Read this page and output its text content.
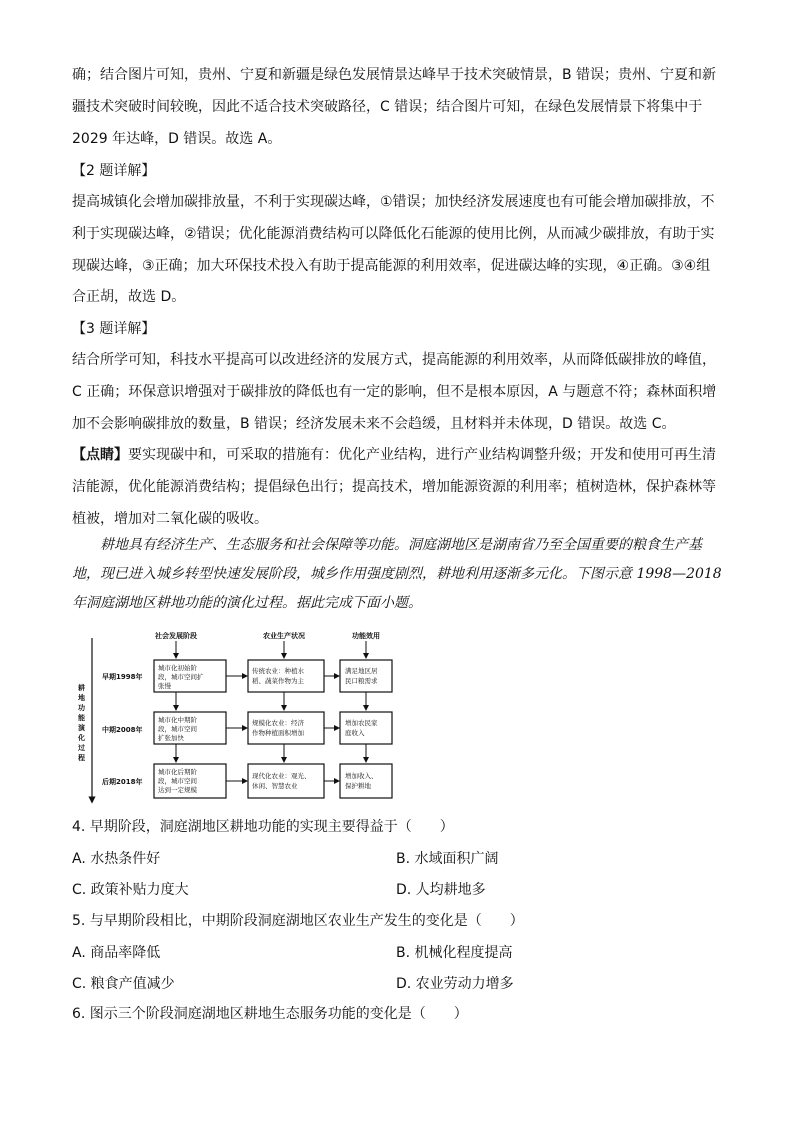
确；结合图片可知，贵州、宁夏和新疆是绿色发展情景达峰早于技术突破情景，B 错误；贵州、宁夏和新
疆技术突破时间较晚，因此不适合技术突破路径，C 错误；结合图片可知，在绿色发展情景下将集中于
2029 年达峰，D 错误。故选 A。
【2 题详解】
提高城镇化会增加碳排放量，不利于实现碳达峰，①错误；加快经济发展速度也有可能会增加碳排放，不
利于实现碳达峰，②错误；优化能源消费结构可以降低化石能源的使用比例，从而减少碳排放，有助于实
现碳达峰，③正确；加大环保技术投入有助于提高能源的利用效率，促进碳达峰的实现，④正确。③④组
合正胡，故选 D。
【3 题详解】
结合所学可知，科技水平提高可以改进经济的发展方式，提高能源的利用效率，从而降低碳排放的峰值，
C 正确；环保意识增强对于碳排放的降低也有一定的影响，但不是根本原因，A 与题意不符；森林面积增
加不会影响碳排放的数量，B 错误；经济发展未来不会趋缓，且材料并未体现，D 错误。故选 C。
【点睛】要实现碳中和，可采取的措施有：优化产业结构，进行产业结构调整升级；开发和使用可再生清
洁能源，优化能源消费结构；提倡绿色出行；提高技术，增加能源资源的利用率；植树造林，保护森林等
植被，增加对二氧化碳的吸收。
　　耕地具有经济生产、生态服务和社会保障等功能。洞庭湖地区是湖南省乃至全国重要的粮食生产基
地，现已进入城乡转型快速发展阶段，城乡作用强度剧烈，耕地利用逐渐多元化。下图示意 1998—2018
年洞庭湖地区耕地功能的演化过程。据此完成下面小题。
耕
地
功
能
演
化
过
程
社会发展阶段	农业生产状况	功能效用
早期1998年
中期2008年
后期2018年
城市化初始阶
段，城市空间扩
张慢
传统农业：种植水
稻、蔬菜作物为主
满足地区居
民口粮需求
城市化中期阶
段，城市空间
扩张加快
规模化农业：经济
作物种植面积增加
增加农民家
庭收入
城市化后期阶
段，城市空间
达到一定规模
现代化农业：观光、
休闲、智慧农业
增加收入、
保护耕地
4. 早期阶段，洞庭湖地区耕地功能的实现主要得益于（　　）
A. 水热条件好	B. 水域面积广阔
C. 政策补贴力度大	D. 人均耕地多
5. 与早期阶段相比，中期阶段洞庭湖地区农业生产发生的变化是（　　）
A. 商品率降低	B. 机械化程度提高
C. 粮食产值减少	D. 农业劳动力增多
6. 图示三个阶段洞庭湖地区耕地生态服务功能的变化是（　　）
